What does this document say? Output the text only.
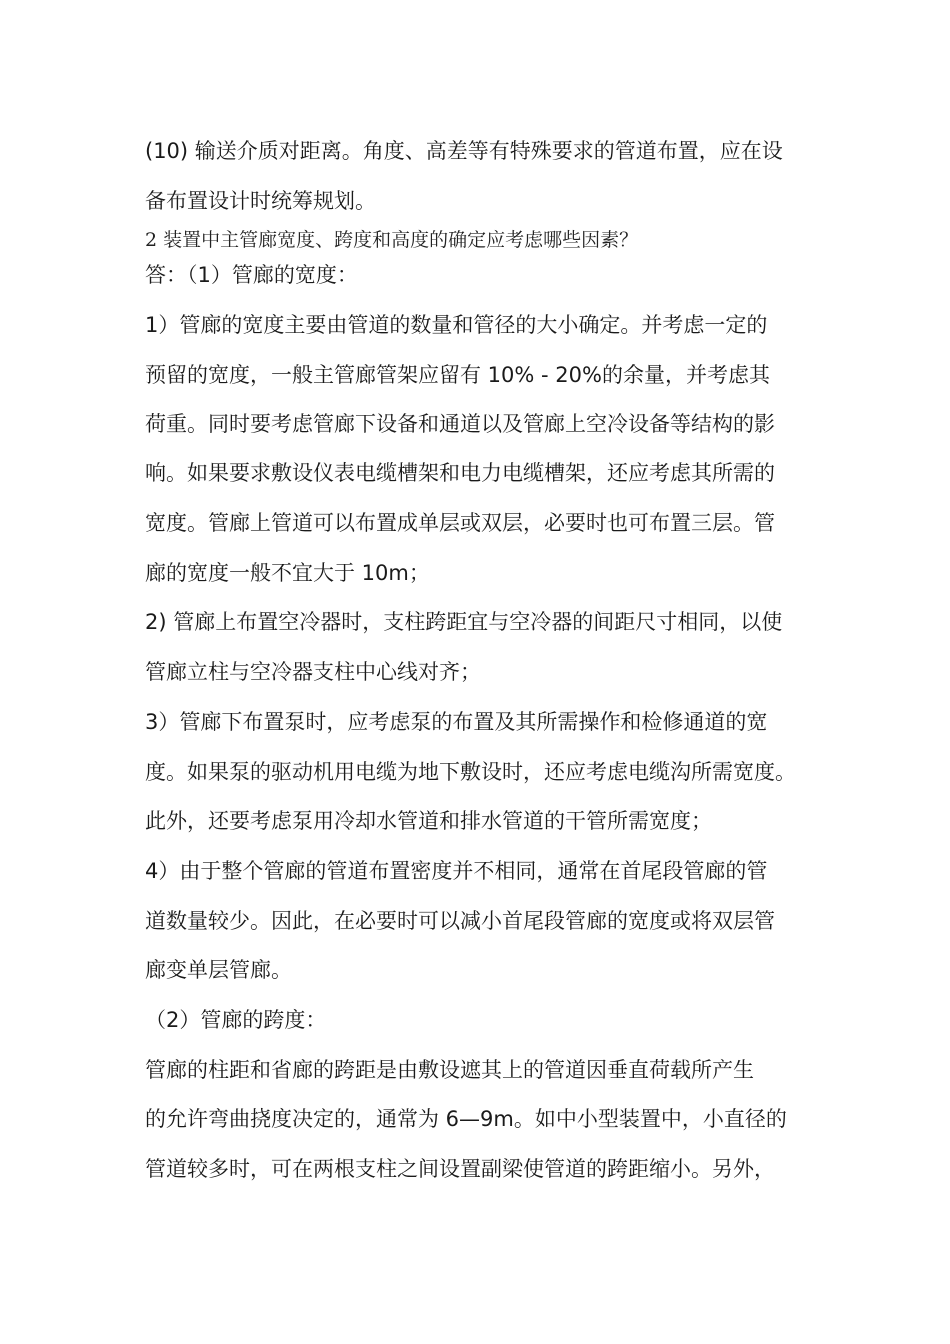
(10) 输送介质对距离。角度、高差等有特殊要求的管道布置，应在设
备布置设计时统筹规划。
2 装置中主管廊宽度、跨度和高度的确定应考虑哪些因素？
答：（1）管廊的宽度：
1）管廊的宽度主要由管道的数量和管径的大小确定。并考虑一定的
预留的宽度，一般主管廊管架应留有 10% - 20%的余量，并考虑其
荷重。同时要考虑管廊下设备和通道以及管廊上空冷设备等结构的影
响。如果要求敷设仪表电缆槽架和电力电缆槽架，还应考虑其所需的
宽度。管廊上管道可以布置成单层或双层，必要时也可布置三层。管
廊的宽度一般不宜大于 10m；
2) 管廊上布置空冷器时，支柱跨距宜与空冷器的间距尺寸相同，以使
管廊立柱与空冷器支柱中心线对齐；
3）管廊下布置泵时，应考虑泵的布置及其所需操作和检修通道的宽
度。如果泵的驱动机用电缆为地下敷设时，还应考虑电缆沟所需宽度。
此外，还要考虑泵用冷却水管道和排水管道的干管所需宽度；
4）由于整个管廊的管道布置密度并不相同，通常在首尾段管廊的管
道数量较少。因此，在必要时可以减小首尾段管廊的宽度或将双层管
廊变单层管廊。
（2）管廊的跨度：
管廊的柱距和省廊的跨距是由敷设遮其上的管道因垂直荷载所产生
的允许弯曲挠度决定的，通常为 6—9m。如中小型装置中，小直径的
管道较多时，可在两根支柱之间设置副梁使管道的跨距缩小。另外，
